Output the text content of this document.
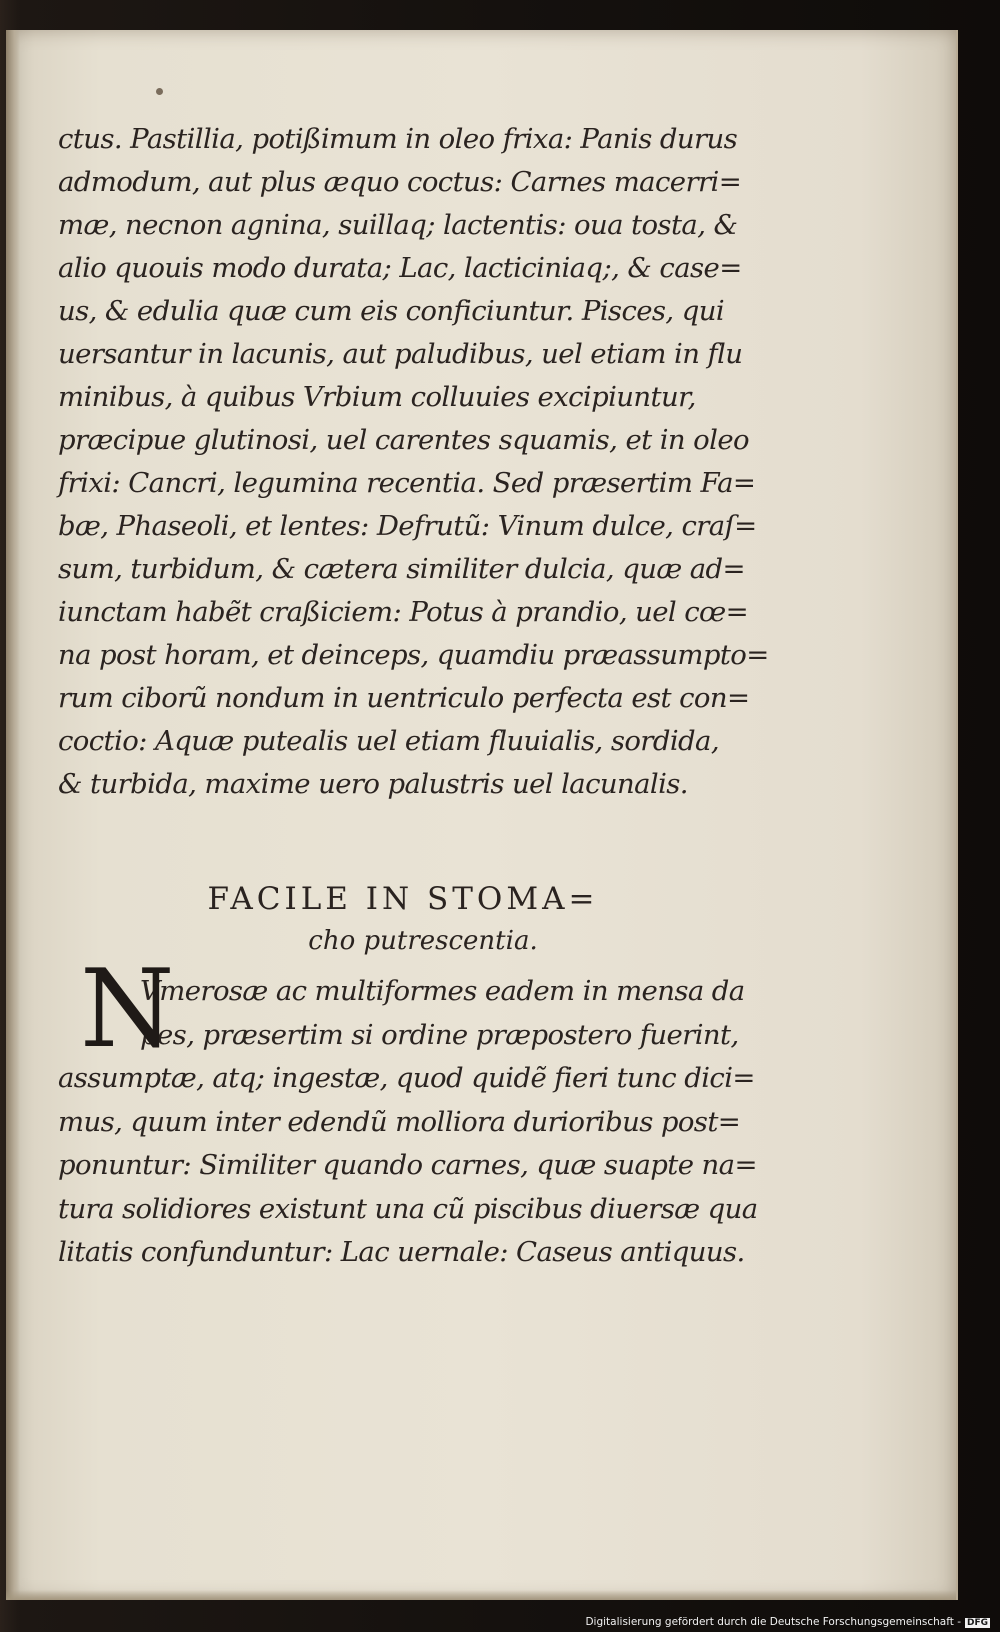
ctus. Pastillia, potißimum in oleo frixa: Panis durus
admodum, aut plus æquo coctus: Carnes macerri=
mæ, necnon agnina, suillaq; lactentis: oua tosta, &
alio quouis modo durata; Lac, lacticiniaq;, & case=
us, & edulia quæ cum eis conficiuntur. Pisces, qui
uersantur in lacunis, aut paludibus, uel etiam in flu
minibus, à quibus Vrbium colluuies excipiuntur,
præcipue glutinosi, uel carentes squamis, et in oleo
frixi: Cancri, legumina recentia. Sed præsertim Fa=
bæ, Phaseoli, et lentes: Defrutũ: Vinum dulce, craſ=
sum, turbidum, & cætera similiter dulcia, quæ ad=
iunctam habẽt craßiciem: Potus à prandio, uel cœ=
na post horam, et deinceps, quamdiu præassumpto=
rum ciborũ nondum in uentriculo perfecta est con=
coctio: Aquæ putealis uel etiam fluuialis, sordida,
& turbida, maxime uero palustris uel lacunalis.
FACILE IN STOMA=
cho putrescentia.
N
Vmerosæ ac multiformes eadem in mensa da
pes, præsertim si ordine præpostero fuerint,
assumptæ, atq; ingestæ, quod quidẽ fieri tunc dici=
mus, quum inter edendũ molliora durioribus post=
ponuntur: Similiter quando carnes, quæ suapte na=
tura solidiores existunt una cũ piscibus diuersæ qua
litatis confunduntur: Lac uernale: Caseus antiquus.
Digitalisierung gefördert durch die Deutsche Forschungsgemeinschaft - DFG
